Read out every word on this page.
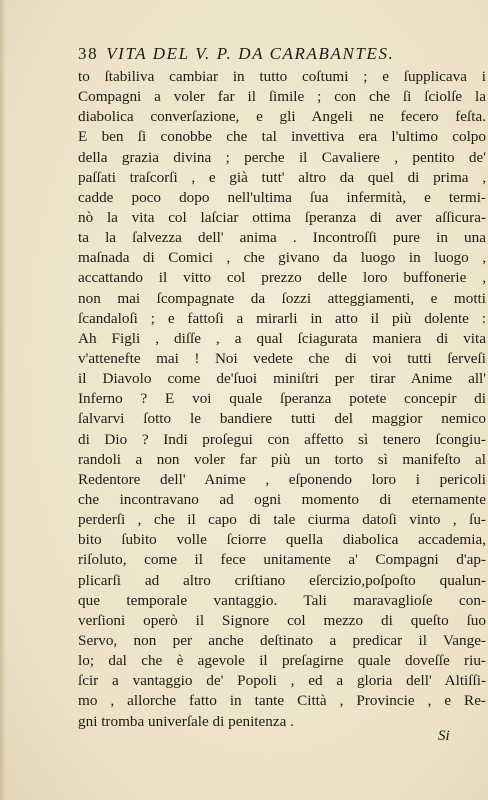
38 VITA DEL V. P. DA CARABANTES.
to ſtabiliva cambiar in tutto coſtumi ; e ſupplicava i
Compagni a voler far il ſimile ; con che ſi ſciolſe la
diabolica converſazione, e gli Angeli ne fecero feſta.
E ben ſi conobbe che tal invettiva era l'ultimo colpo
della grazia divina ; perche il Cavaliere , pentito de'
paſſati traſcorſi , e già tutt' altro da quel di prima ,
cadde poco dopo nell'ultima ſua infermità, e termi-
nò la vita col laſciar ottima ſperanza di aver aſſicura-
ta la ſalvezza dell' anima . Incontroſſi pure in una
maſnada di Comici , che givano da luogo in luogo ,
accattando il vitto col prezzo delle loro buffonerie ,
non mai ſcompagnate da ſozzi atteggiamenti, e motti
ſcandaloſi ; e fattoſi a mirarli in atto il più dolente :
Ah Figli , diſſe , a qual ſciagurata maniera di vita
v'attenefte mai ! Noi vedete che di voi tutti ſerveſi
il Diavolo come de'ſuoi miniſtri per tirar Anime all'
Inferno ? E voi quale ſperanza potete concepir di
ſalvarvi ſotto le bandiere tutti del maggior nemico
di Dio ? Indi proſegui con affetto sì tenero ſcongiu-
randoli a non voler far più un torto sì manifeſto al
Redentore dell' Anime , eſponendo loro i pericoli
che incontravano ad ogni momento di eternamente
perderſi , che il capo di tale ciurma datoſi vinto , ſu-
bito ſubito volle ſciorre quella diabolica accademia,
riſoluto, come il fece unitamente a' Compagni d'ap-
plicarſi ad altro criſtiano eſercizio,poſpoſto qualun-
que temporale vantaggio. Tali maravaglioſe con-
verſioni operò il Signore col mezzo di queſto ſuo
Servo, non per anche deſtinato a predicar il Vange-
lo; dal che è agevole il preſagirne quale doveſſe riu-
ſcir a vantaggio de' Popoli , ed a gloria dell' Altiſſi-
mo , allorche fatto in tante Città , Provincie , e Re-
gni tromba univerſale di penitenza .
Si
